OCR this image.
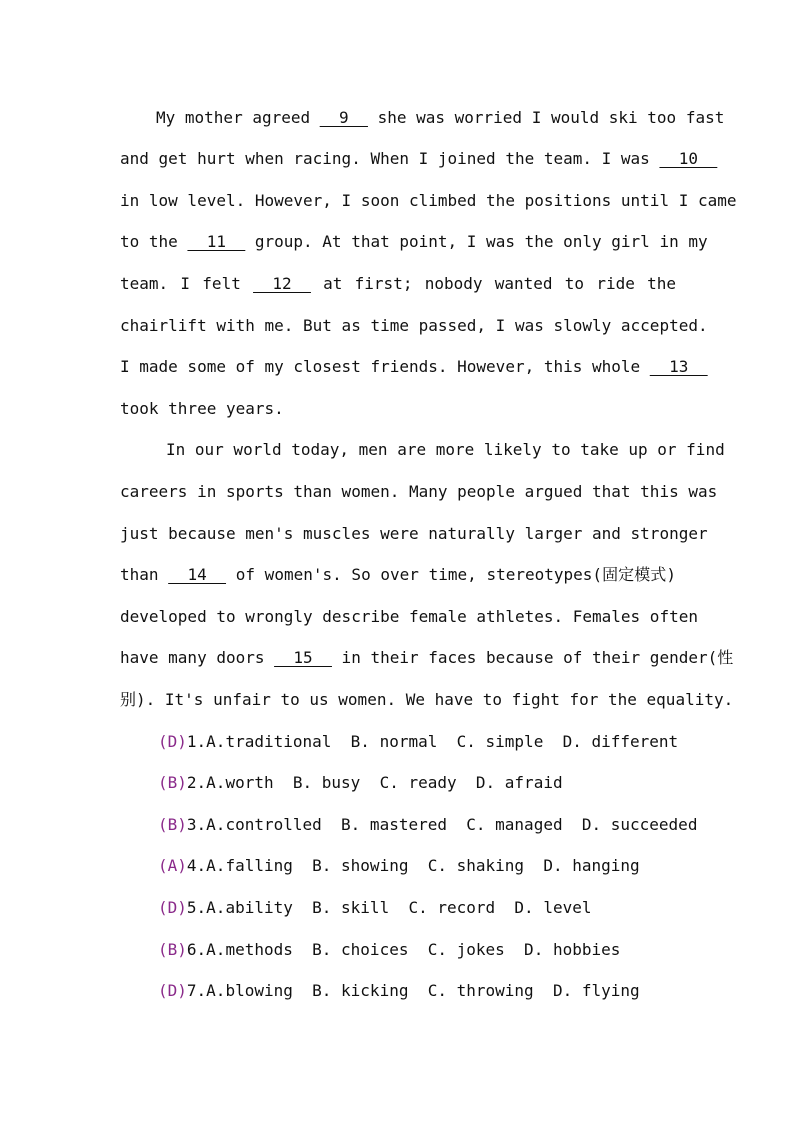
My mother agreed __9__ she was worried I would ski too fast
and get hurt when racing. When I joined the team. I was __10__
in low level. However, I soon climbed the positions until I came
to the __11__ group. At that point, I was the only girl in my
team. I felt __12__ at first; nobody wanted to ride the
chairlift with me. But as time passed, I was slowly accepted.
I made some of my closest friends. However, this whole __13__
took three years.
In our world today, men are more likely to take up or find
careers in sports than women. Many people argued that this was
just because men's muscles were naturally larger and stronger
than __14__ of women's. So over time, stereotypes(固定模式)
developed to wrongly describe female athletes. Females often
have many doors __15__ in their faces because of their gender(性
别). It's unfair to us women. We have to fight for the equality.
(D)1.A.traditional  B. normal  C. simple  D. different
(B)2.A.worth  B. busy  C. ready  D. afraid
(B)3.A.controlled  B. mastered  C. managed  D. succeeded
(A)4.A.falling  B. showing  C. shaking  D. hanging
(D)5.A.ability  B. skill  C. record  D. level
(B)6.A.methods  B. choices  C. jokes  D. hobbies
(D)7.A.blowing  B. kicking  C. throwing  D. flying
